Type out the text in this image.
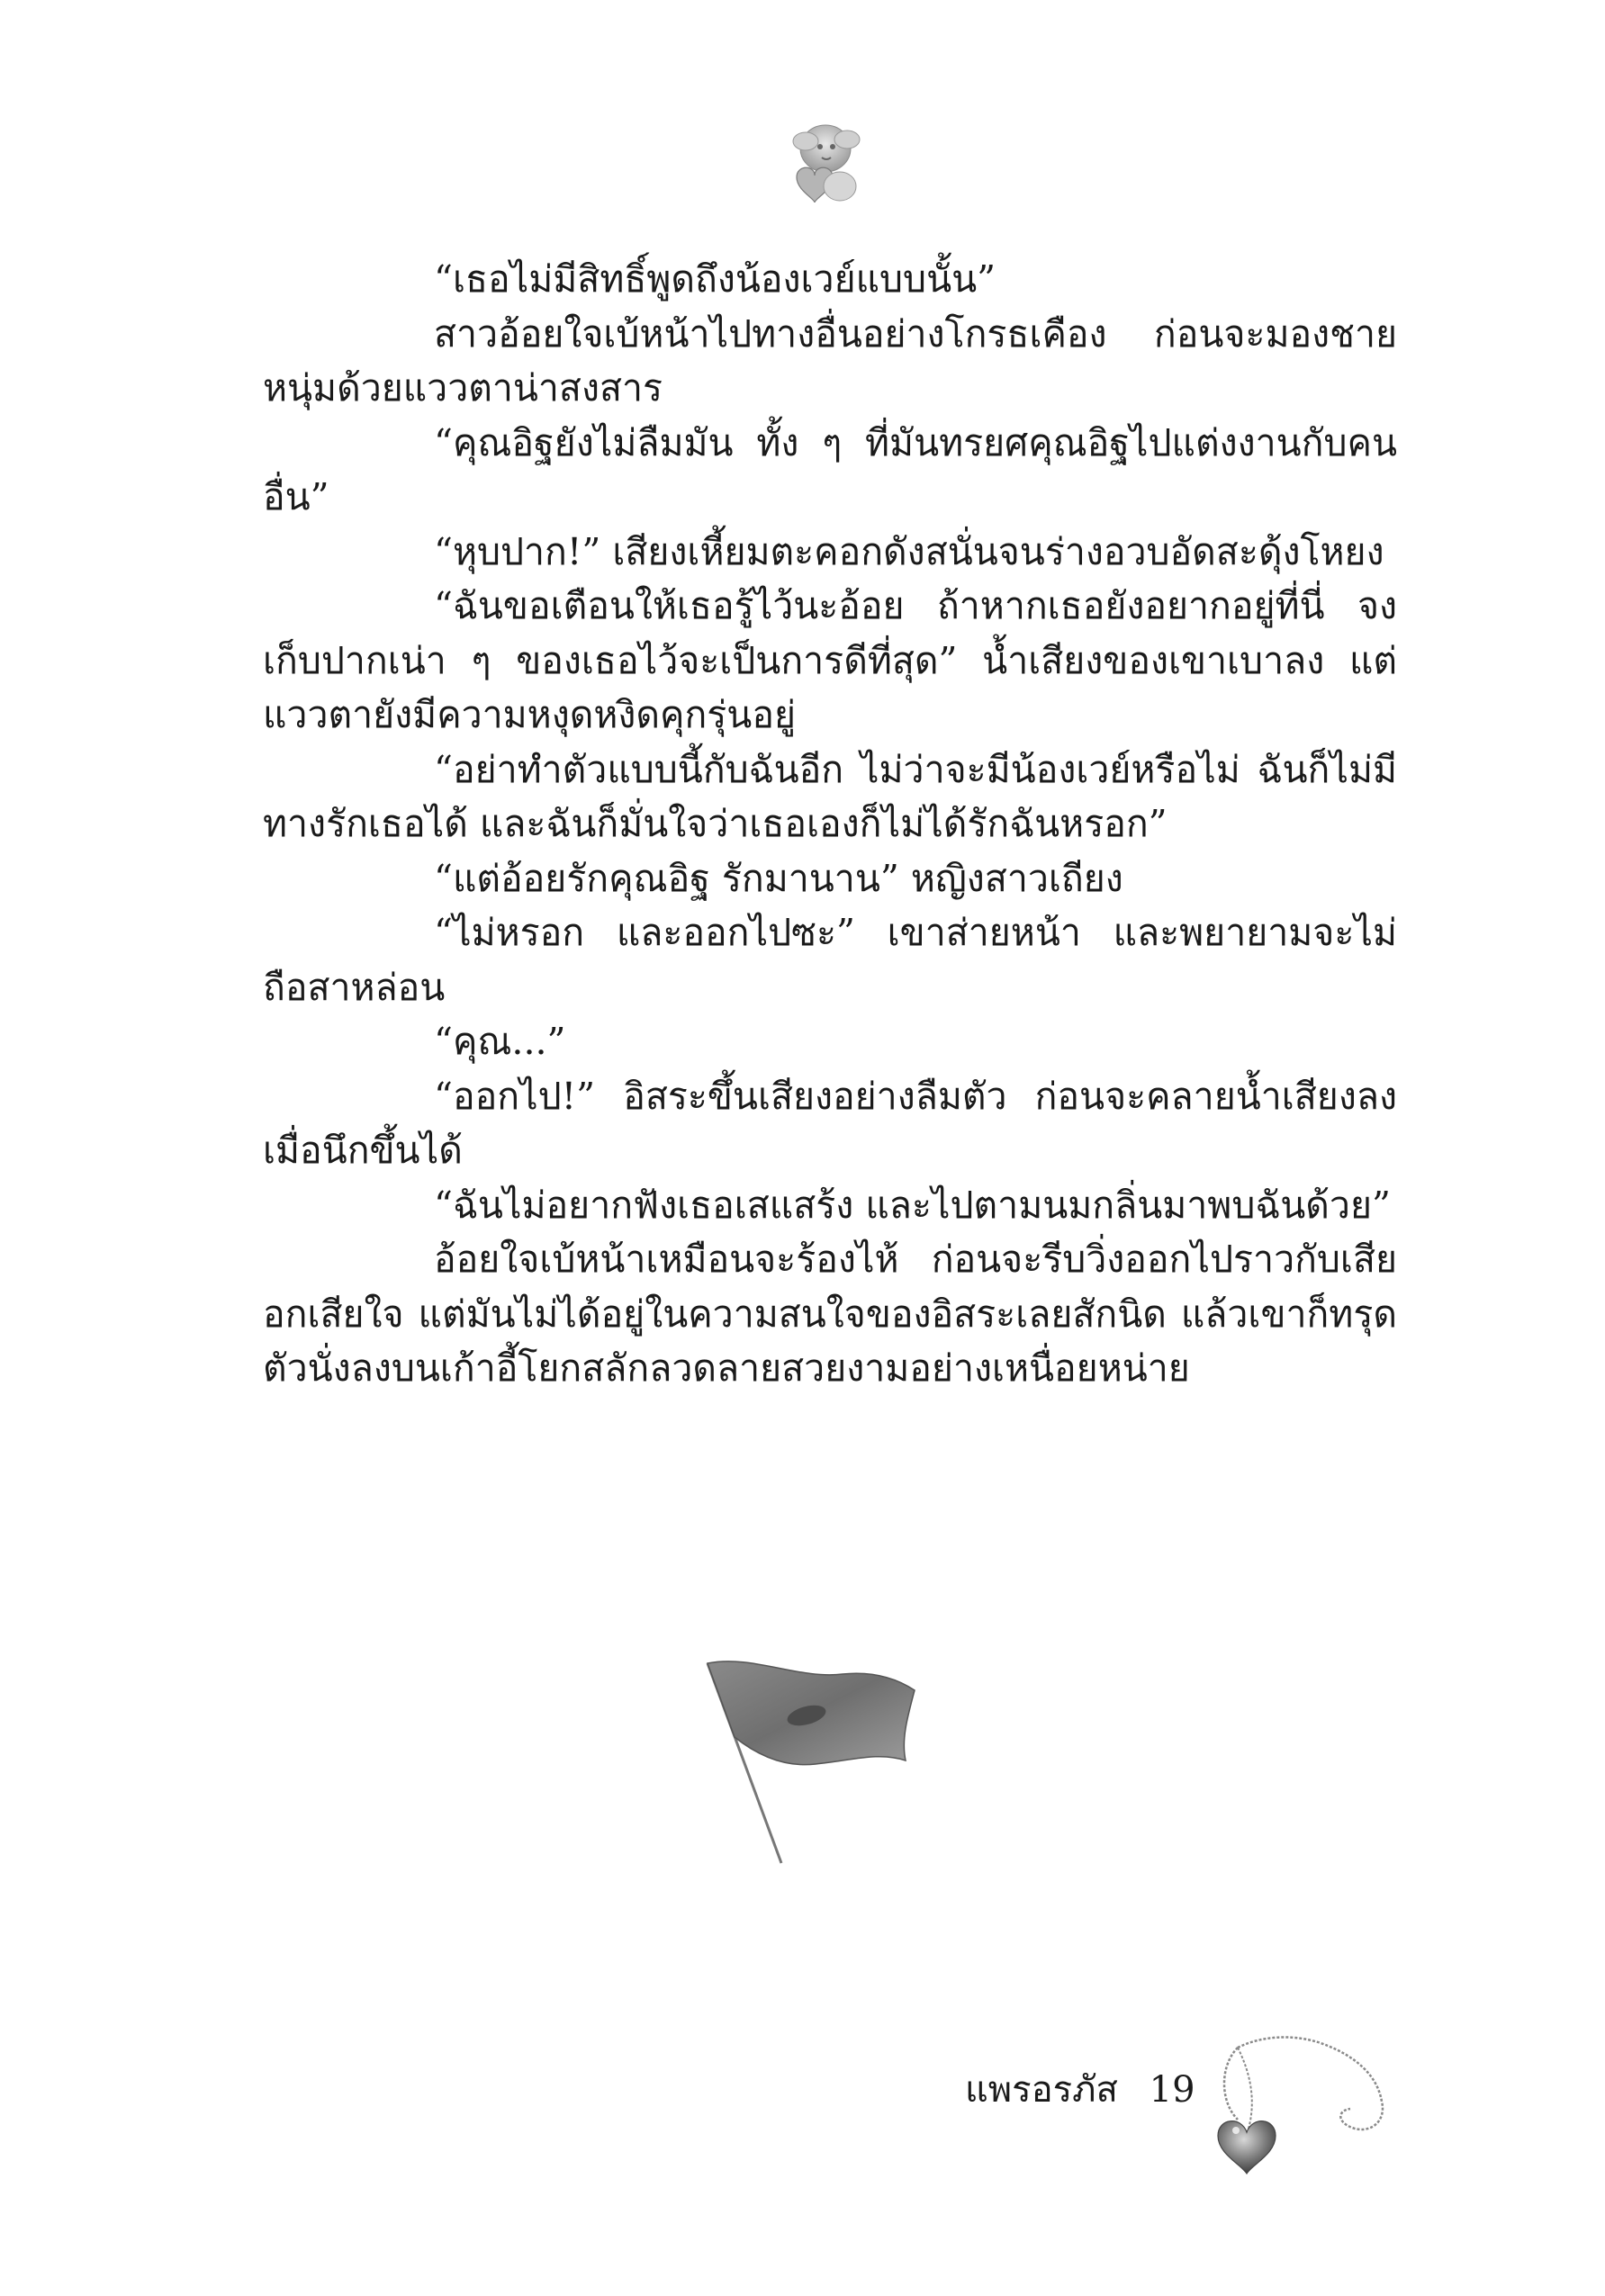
“เธอไม่มีสิทธิ์พูดถึงน้องเวย์แบบนั้น”

สาวอ้อยใจเบ้หน้าไปทางอื่นอย่างโกรธเคือง ก่อนจะมองชายหนุ่มด้วยแววตาน่าสงสาร

“คุณอิฐยังไม่ลืมมัน ทั้ง ๆ ที่มันทรยศคุณอิฐไปแต่งงานกับคนอื่น”

“หุบปาก!” เสียงเหี้ยมตะคอกดังสนั่นจนร่างอวบอัดสะดุ้งโหยง

“ฉันขอเตือนให้เธอรู้ไว้นะอ้อย ถ้าหากเธอยังอยากอยู่ที่นี่ จงเก็บปากเน่า ๆ ของเธอไว้จะเป็นการดีที่สุด” น้ำเสียงของเขาเบาลง แต่แววตายังมีความหงุดหงิดคุกรุ่นอยู่

“อย่าทำตัวแบบนี้กับฉันอีก ไม่ว่าจะมีน้องเวย์หรือไม่ ฉันก็ไม่มีทางรักเธอได้ และฉันก็มั่นใจว่าเธอเองก็ไม่ได้รักฉันหรอก”

“แต่อ้อยรักคุณอิฐ รักมานาน” หญิงสาวเถียง

“ไม่หรอก และออกไปซะ” เขาส่ายหน้า และพยายามจะไม่ถือสาหล่อน

“คุณ...”

“ออกไป!” อิสระขึ้นเสียงอย่างลืมตัว ก่อนจะคลายน้ำเสียงลงเมื่อนึกขึ้นได้

“ฉันไม่อยากฟังเธอเสแสร้ง และไปตามนมกลิ่นมาพบฉันด้วย”

อ้อยใจเบ้หน้าเหมือนจะร้องไห้ ก่อนจะรีบวิ่งออกไปราวกับเสียอกเสียใจ แต่มันไม่ได้อยู่ในความสนใจของอิสระเลยสักนิด แล้วเขาก็ทรุดตัวนั่งลงบนเก้าอี้โยกสลักลวดลายสวยงามอย่างเหนื่อยหน่าย

แพรอรภัส 19
